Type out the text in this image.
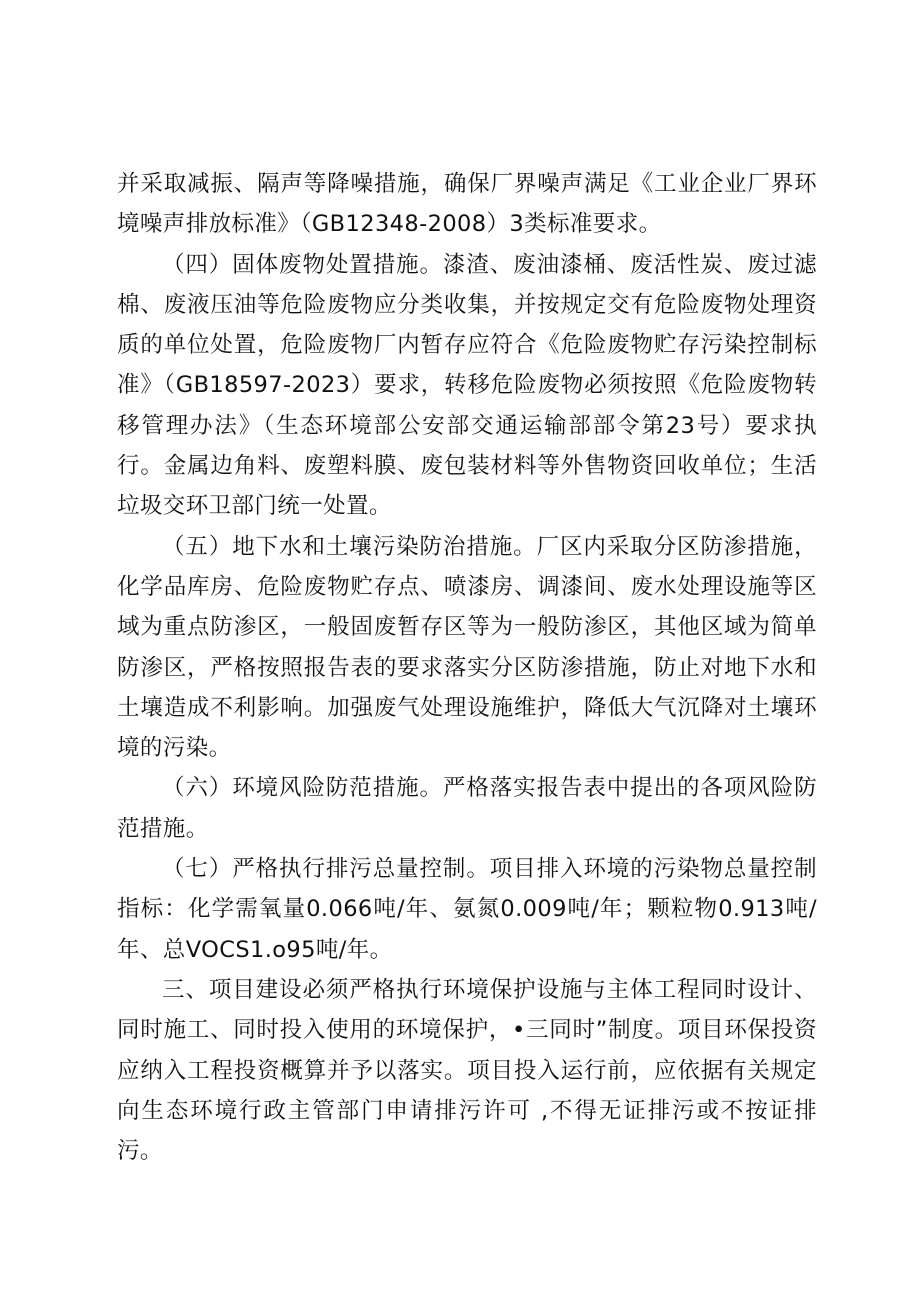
并采取减振、隔声等降噪措施，确保厂界噪声满足《工业企业厂界环境噪声排放标准》（GB12348-2008）3类标准要求。

（四）固体废物处置措施。漆渣、废油漆桶、废活性炭、废过滤棉、废液压油等危险废物应分类收集，并按规定交有危险废物处理资质的单位处置，危险废物厂内暂存应符合《危险废物贮存污染控制标准》（GB18597-2023）要求，转移危险废物必须按照《危险废物转移管理办法》（生态环境部公安部交通运输部部令第23号）要求执行。金属边角料、废塑料膜、废包装材料等外售物资回收单位；生活垃圾交环卫部门统一处置。

（五）地下水和土壤污染防治措施。厂区内采取分区防渗措施，化学品库房、危险废物贮存点、喷漆房、调漆间、废水处理设施等区域为重点防渗区，一般固废暂存区等为一般防渗区，其他区域为简单防渗区，严格按照报告表的要求落实分区防渗措施，防止对地下水和土壤造成不利影响。加强废气处理设施维护，降低大气沉降对土壤环境的污染。

（六）环境风险防范措施。严格落实报告表中提出的各项风险防范措施。

（七）严格执行排污总量控制。项目排入环境的污染物总量控制指标：化学需氧量0.066吨/年、氨氮0.009吨/年；颗粒物0.913吨/年、总VOCS1.o95吨/年。

三、项目建设必须严格执行环境保护设施与主体工程同时设计、同时施工、同时投入使用的环境保护，•三同时”制度。项目环保投资应纳入工程投资概算并予以落实。项目投入运行前，应依据有关规定向生态环境行政主管部门申请排污许可 ,不得无证排污或不按证排污。
